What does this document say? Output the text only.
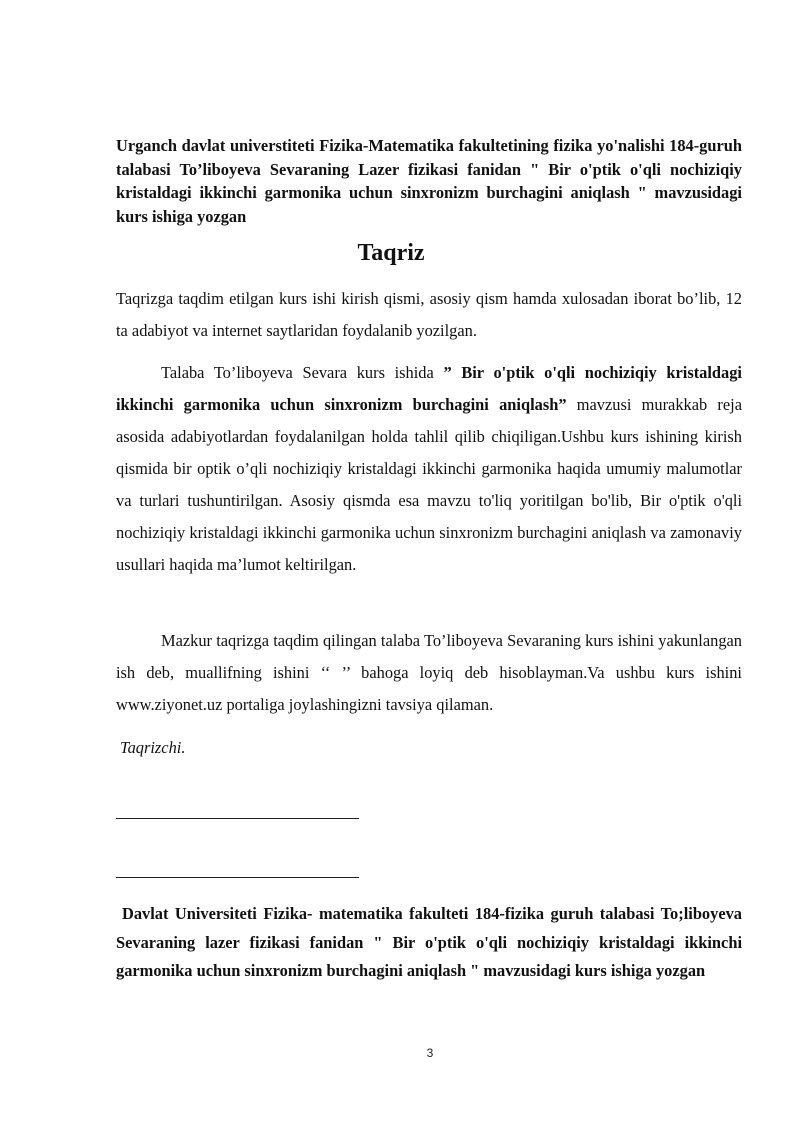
Urganch davlat universtiteti Fizika-Matematika fakultetining fizika yo'nalishi 184-guruh talabasi To’liboyeva Sevaraning Lazer fizikasi fanidan " Bir o'ptik o'qli nochiziqiy kristaldagi ikkinchi garmonika uchun sinxronizm burchagini aniqlash " mavzusidagi kurs ishiga yozgan
Taqriz
Taqrizga taqdim etilgan kurs ishi kirish qismi, asosiy qism hamda xulosadan iborat bo’lib, 12 ta adabiyot va internet saytlaridan foydalanib yozilgan.
Talaba To’liboyeva Sevara kurs ishida ” Bir o'ptik o'qli nochiziqiy kristaldagi ikkinchi garmonika uchun sinxronizm burchagini aniqlash” mavzusi murakkab reja asosida adabiyotlardan foydalanilgan holda tahlil qilib chiqiligan.Ushbu kurs ishining kirish qismida bir optik o’qli nochiziqiy kristaldagi ikkinchi garmonika haqida umumiy malumotlar va turlari tushuntirilgan. Asosiy qismda esa mavzu to'liq yoritilgan bo'lib, Bir o'ptik o'qli nochiziqiy kristaldagi ikkinchi garmonika uchun sinxronizm burchagini aniqlash va zamonaviy usullari haqida ma’lumot keltirilgan.
Mazkur taqrizga taqdim qilingan talaba To’liboyeva Sevaraning kurs ishini yakunlangan ish deb, muallifning ishini ‘‘ ’’ bahoga loyiq deb hisoblayman.Va ushbu kurs ishini www.ziyonet.uz portaliga joylashingizni tavsiya qilaman.
Taqrizchi.
Davlat Universiteti Fizika- matematika fakulteti 184-fizika guruh talabasi To;liboyeva Sevaraning lazer fizikasi fanidan " Bir o'ptik o'qli nochiziqiy kristaldagi ikkinchi garmonika uchun sinxronizm burchagini aniqlash " mavzusidagi kurs ishiga yozgan
3
